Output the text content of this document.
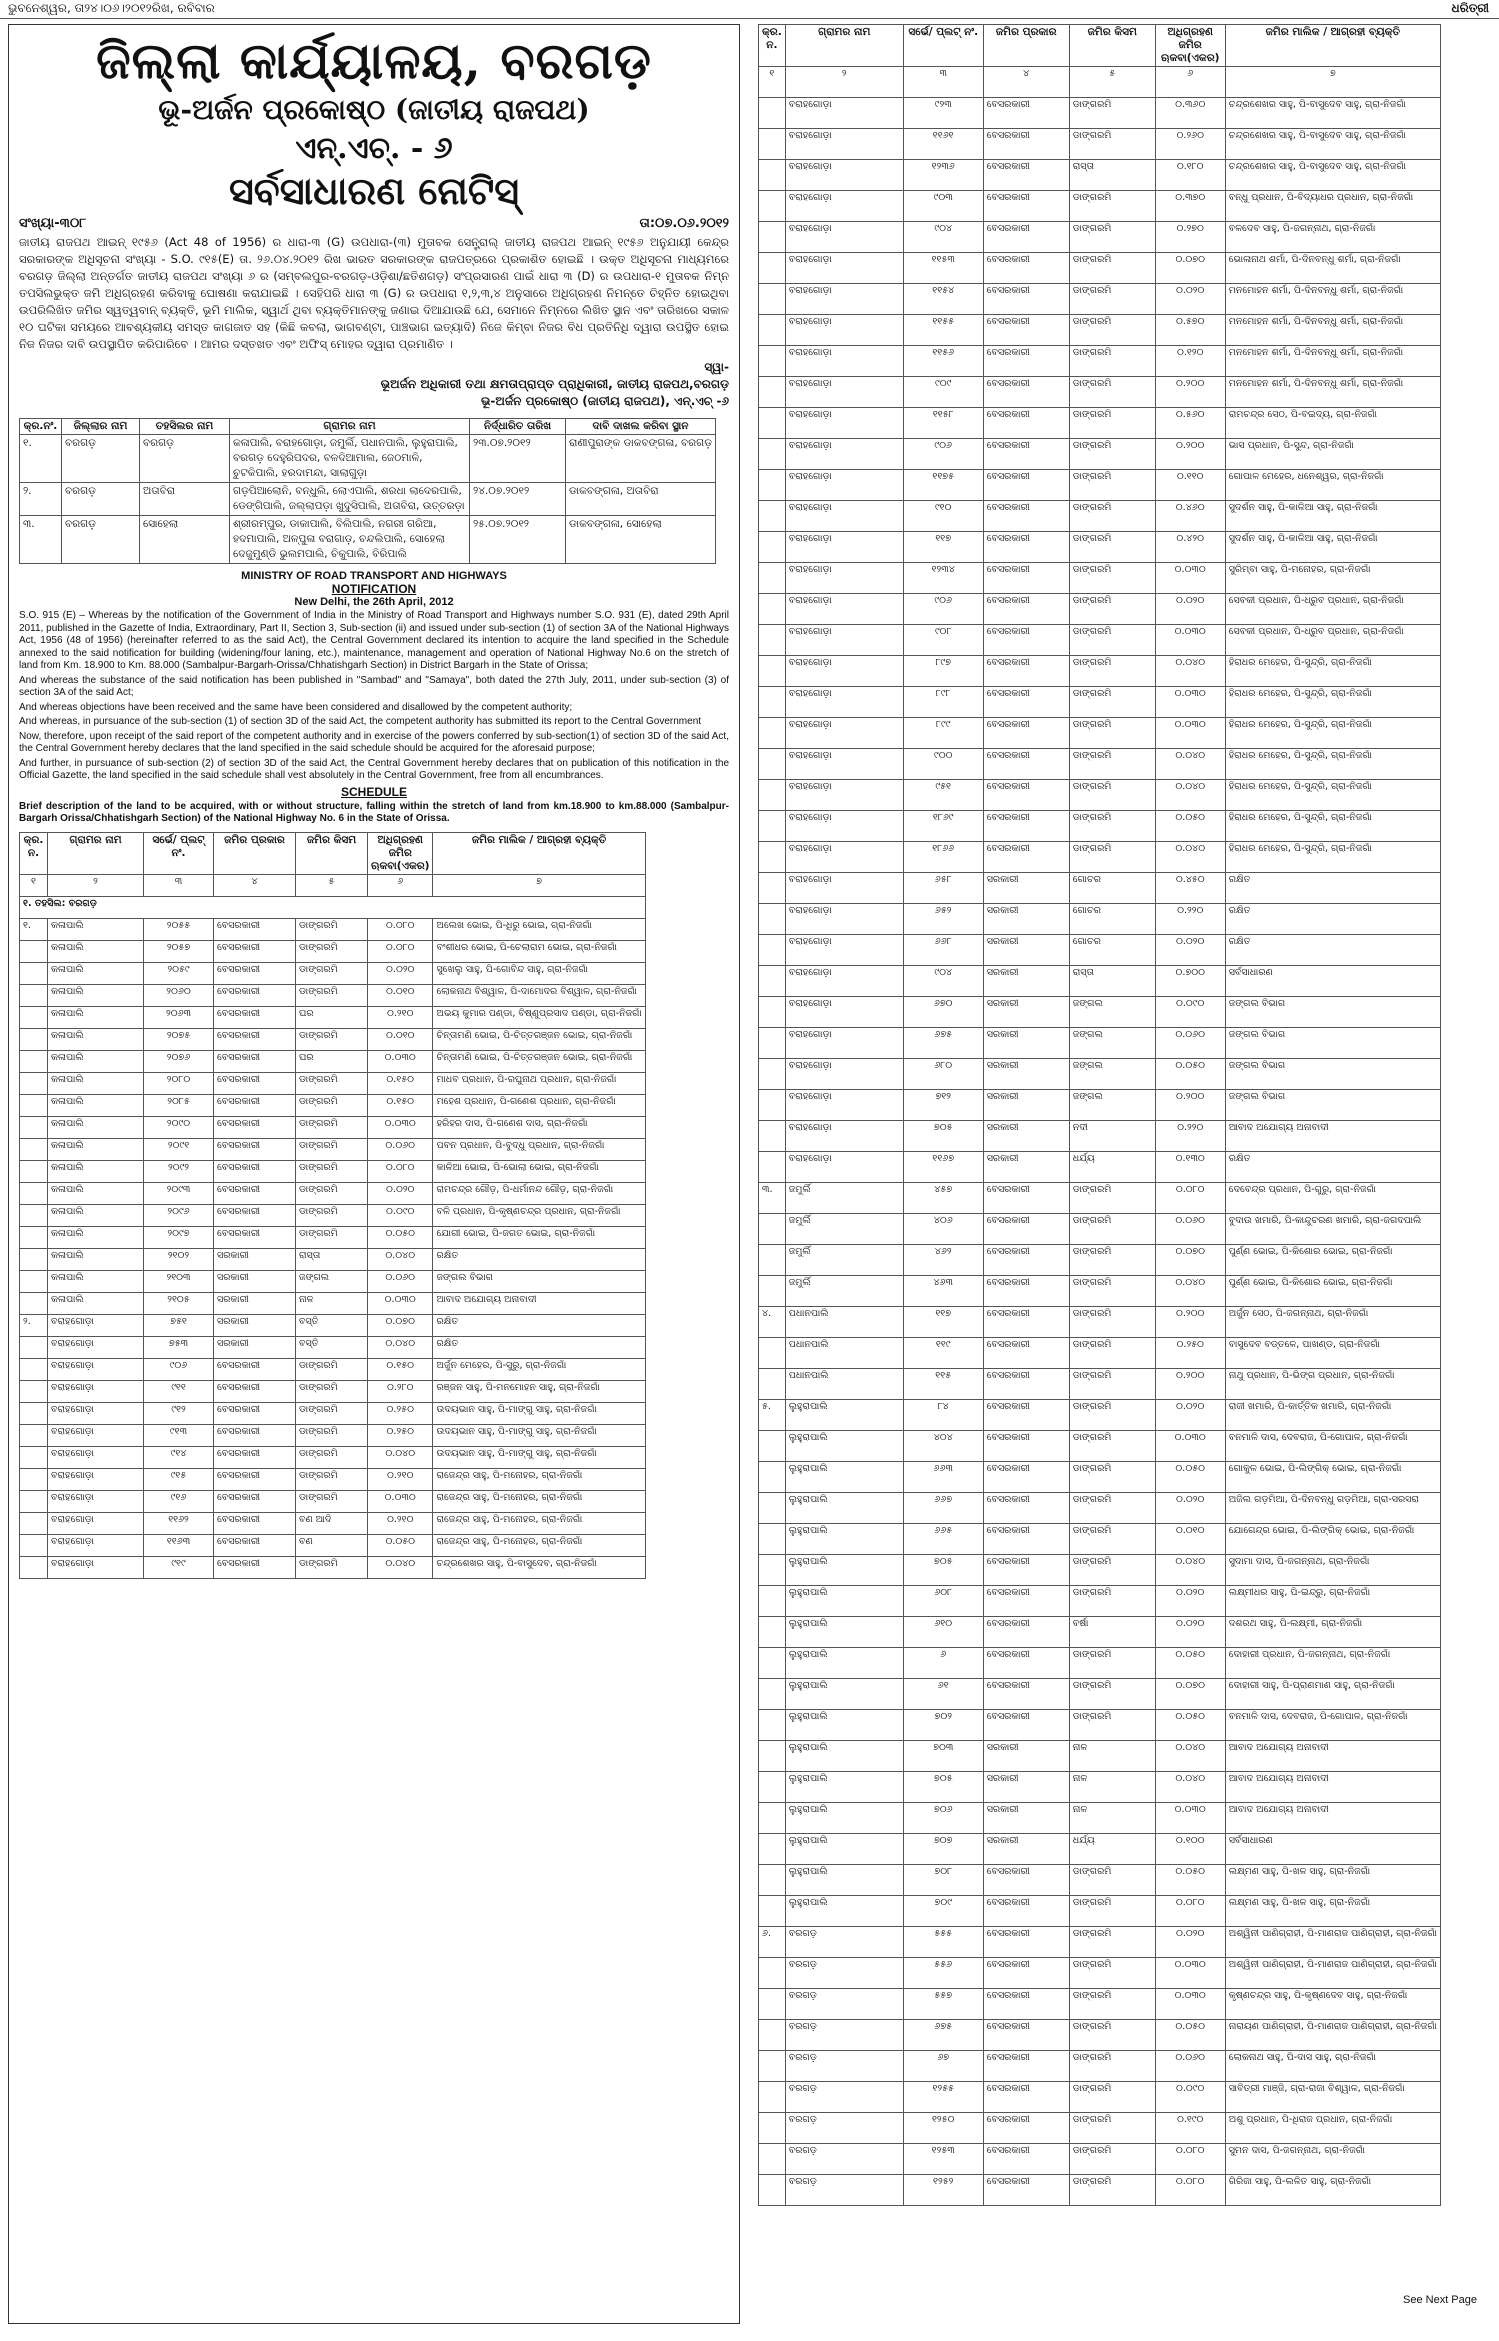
ଭୁବନେଶ୍ୱର, ତା୨୪।୦୬।୨୦୧୨ରିଖ, ରବିବାର	ଧରିତ୍ରୀ
ଜିଲ୍ଲା କାର୍ଯ୍ୟାଳୟ, ବରଗଡ଼
ଭୂ-ଅର୍ଜନ ପ୍ରକୋଷ୍ଠ (ଜାତୀୟ ରାଜପଥ)
ଏନ୍.ଏଚ୍. - ୬
ସର୍ବସାଧାରଣ ନୋଟିସ୍
ସଂଖ୍ୟା-୩୦୮	ତା:୦୭.୦୬.୨୦୧୨
ଜାତୀୟ ରାଜପଥ ଆଇନ୍ ୧୯୫୬ (Act 48 of 1956) ର ଧାରା-୩ (G) ଉପଧାରା-(୩) ମୁତାବକ ସେନ୍ଟ୍ରାଲ୍ ଜାତୀୟ ରାଜପଥ ଆଇନ୍ ୧୯୫୬ ଅନୁଯାୟୀ କେନ୍ଦ୍ର ସରକାରଙ୍କ ଅଧିସୂଚନା ସଂଖ୍ୟା - S.O. ୯୧୫(E) ତା. ୨୬.୦୪.୨୦୧୨ ରିଖ ଭାରତ ସରକାରଙ୍କ ରାଜପତ୍ରରେ ପ୍ରକାଶିତ ହୋଇଛି । ଉକ୍ତ ଅଧିସୂଚନା ମାଧ୍ୟମରେ ବରଗଡ଼ ଜିଲ୍ଲା ଅନ୍ତର୍ଗତ ଜାତୀୟ ରାଜପଥ ସଂଖ୍ୟା ୬ ର (ସମ୍ବଲପୁର-ବରଗଡ଼-ଓଡ଼ିଶା/ଛତିଶଗଡ଼) ସଂପ୍ରସାରଣ ପାଇଁ ଧାରା ୩ (D) ର ଉପଧାରା-୧ ମୁତାବକ ନିମ୍ନ ତପସିଲଭୁକ୍ତ ଜମି ଅଧିଗ୍ରହଣ କରିବାକୁ ଘୋଷଣା କରାଯାଇଛି । ସେହିପରି ଧାରା ୩ (G) ର ଉପଧାରା ୧,୨,୩,୪ ଅନୁସାରେ ଅଧିଗ୍ରହଣ ନିମନ୍ତେ ଚିହ୍ନିତ ହୋଇଥିବା ଉପରିଲିଖିତ ଜମିର ସ୍ୱତ୍ୱବାନ୍ ବ୍ୟକ୍ତି, ଭୂମି ମାଲିକ, ସ୍ୱାର୍ଥ ଥିବା ବ୍ୟକ୍ତିମାନଙ୍କୁ ଜଣାଇ ଦିଆଯାଉଛି ଯେ, ସେମାନେ ନିମ୍ନରେ ଲିଖିତ ସ୍ଥାନ ଏବଂ ତାରିଖରେ ସକାଳ ୧୦ ଘଟିକା ସମୟରେ ଆବଶ୍ୟକୀୟ ସମସ୍ତ କାଗଜାତ ସହ (କିଛି କବଲା, ଭାଗବଣ୍ଟା, ପାଞ୍ଚଭାଗ ଇତ୍ୟାଦି) ନିଜେ କିମ୍ବା ନିଜର ବିଧ ପ୍ରତିନିଧି ଦ୍ୱାରା ଉପସ୍ଥିତ ହୋଇ ନିଜ ନିଜର ଦାବି ଉପସ୍ଥାପିତ କରିପାରିବେ । ଆମର ଦସ୍ତଖତ ଏବଂ ଅଫିସ୍ ମୋହର ଦ୍ୱାରା ପ୍ରମାଣିତ ।
ସ୍ୱା-
ଭୂଅର୍ଜନ ଅଧିକାରୀ ତଥା କ୍ଷମତାପ୍ରାପ୍ତ ପ୍ରାଧିକାରୀ, ଜାତୀୟ ରାଜପଥ,ବରଗଡ଼
ଭୂ-ଅର୍ଜନ ପ୍ରକୋଷ୍ଠ (ଜାତୀୟ ରାଜପଥ), ଏନ୍.ଏଚ୍ -୬
କ୍ର.ନଂ.	ଜିଲ୍ଲାର ନାମ	ତହସିଲର ନାମ	ଗ୍ରାମର ନାମ	ନିର୍ଦ୍ଧାରିତ ତାରିଖ	ଦାବି ଦାଖଲ କରିବା ସ୍ଥାନ
୧.	ବରଗଡ଼	ବରଗଡ଼	କଳାପାଲି, ବରାହଗୋଡ଼ା, ଜମୁର୍ଲି, ପଧାନପାଲି, ଲୁହୁରାପାଲି, ବରଗଡ଼ ଦେହୁରିପଦର, ବଳଦିଆମାଲ, ଜେଠମାଳି, ଚୁଟକିପାଲି, ହରଦାମନ୍ଦା, ସାଲାଗୁଡ଼ା	୨୩.୦୭.୨୦୧୨	ରାଣୀପୁରାଙ୍କ ଡାକବଙ୍ଗଳା, ବରଗଡ଼
୨.	ବରଗଡ଼	ଅତାବିରା	ଗଡ଼ପିଆଲୋନି, ବନ୍ଧୁଲି, ଲୋଏପାଲି, ଶରଧା ଲାଦେରପାଲି, ଡେଙ୍ଗିପାଲି, ଜଲ୍ଲାପଡ଼ା ଖୁଦୁସିପାଲି, ଅତାବିରା, ଉତ୍ତରଡ଼ା	୨୪.୦୭.୨୦୧୨	ଡାକବଙ୍ଗଳା, ଅତାବିରା
୩.	ବରଗଡ଼	ସୋହେଲା	ଶ୍ରୀରମ୍ପୁର, ଡାକାପାଲି, ବିଲିପାଲି, ନଗରୀ ଗରିଆ, ହଦମାପାଲି, ଅଳ୍ପୁଳା ବରାଗାଡ଼, ଚନ୍ଦଲିପାଲି, ସୋହେଲା ଦେଜୁମୁଣ୍ଡି ଭୁଲମପାଲି, ଚିକୁପାଲି, ବିରିପାଲି	୨୫.୦୭.୨୦୧୨	ଡାକବଙ୍ଗଳା, ସୋହେଲା
MINISTRY OF ROAD TRANSPORT AND HIGHWAYS
NOTIFICATION
New Delhi, the 26th April, 2012

S.O. 915 (E) – Whereas by the notification of the Government of India in the Ministry of Road Transport and Highways number S.O. 931 (E), dated 29th April 2011, published in the Gazette of India, Extraordinary, Part II, Section 3, Sub-section (ii) and issued under sub-section (1) of section 3A of the National Highways Act, 1956 (48 of 1956) (hereinafter referred to as the said Act), the Central Government declared its intention to acquire the land specified in the Schedule annexed to the said notification for building (widening/four laning, etc.), maintenance, management and operation of National Highway No.6 on the stretch of land from Km. 18.900 to Km. 88.000 (Sambalpur-Bargarh-Orissa/Chhatishgarh Section) in District Bargarh in the State of Orissa;

And whereas the substance of the said notification has been published in "Sambad" and "Samaya", both dated the 27th July, 2011, under sub-section (3) of section 3A of the said Act;

And whereas objections have been received and the same have been considered and disallowed by the competent authority;

And whereas, in pursuance of the sub-section (1) of section 3D of the said Act, the competent authority has submitted its report to the Central Government

Now, therefore, upon receipt of the said report of the competent authority and in exercise of the powers conferred by sub-section(1) of section 3D of the said Act, the Central Government hereby declares that the land specified in the said schedule should be acquired for the aforesaid purpose;

And further, in pursuance of sub-section (2) of section 3D of the said Act, the Central Government hereby declares that on publication of this notification in the Official Gazette, the land specified in the said schedule shall vest absolutely in the Central Government, free from all encumbrances.

SCHEDULE

Brief description of the land to be acquired, with or without structure, falling within the stretch of land from km.18.900 to km.88.000 (Sambalpur-Bargarh Orissa/Chhatishgarh Section) of the National Highway No. 6 in the State of Orissa.

କ୍ର. ନ.	ଗ୍ରାମର ନାମ	ସର୍ଭେ/ ପ୍ଲଟ୍ ନଂ.	ଜମିର ପ୍ରକାର	ଜମିର କିସମ	ଅଧିଗ୍ରହଣ ଜମିର ଋକବା(ଏକର)	ଜମିର ମାଲିକ / ଆଗ୍ରହୀ ବ୍ୟକ୍ତି
୧	୨	୩	୪	୫	୬	୭
୧. ତହସିଲ: ବରଗଡ଼						
୧.	କଳାପାଲି	୨୦୫୫	ବେସରକାରୀ	ଡାଙ୍ଗରମି	୦.୦୮୦	ଅଲେଖ ଭୋଇ, ପି-ଧିରୁ ଭୋଇ, ଗ୍ରା-ନିଜଗାଁ
	କଳାପାଲି	୨୦୫୭	ବେସରକାରୀ	ଡାଙ୍ଗରମି	୦.୦୮୦	ବଂଶୀଧର ଭୋଇ, ପି-ଚେଲାରାମ ଭୋଇ, ଗ୍ରା-ନିଜଗାଁ
	କଳାପାଲି	୨୦୫୯	ବେସରକାରୀ	ଡାଙ୍ଗରମି	୦.୦୨୦	ସୁଖେଲୁ ସାହୁ, ପି-ଗୋବିନ୍ଦ ସାହୁ, ଗ୍ରା-ନିଜଗାଁ
	କଳାପାଲି	୨୦୬୦	ବେସରକାରୀ	ଡାଙ୍ଗରମି	୦.୦୧୦	ଲୋକନାଥ ବିଶ୍ୱାଳ, ପି-ଦାମୋଦର ବିଶ୍ୱାଳ, ଗ୍ରା-ନିଜଗାଁ
	କଳାପାଲି	୨୦୬୩	ବେସରକାରୀ	ଘର	୦.୨୧୦	ଅଭୟ କୁମାର ପଣ୍ଡା, ବିଷ୍ଣୁପ୍ରସାଦ ପଣ୍ଡା, ଗ୍ରା-ନିଜଗାଁ
	କଳାପାଲି	୨୦୭୫	ବେସରକାରୀ	ଡାଙ୍ଗରମି	୦.୦୧୦	ଚିନ୍ତାମଣି ଭୋଇ, ପି-ଚିତ୍ତରଞ୍ଜନ ଭୋଇ, ଗ୍ରା-ନିଜଗାଁ
	କଳାପାଲି	୨୦୭୬	ବେସରକାରୀ	ଘର	୦.୦୩୦	ଚିନ୍ତାମଣି ଭୋଇ, ପି-ଚିତ୍ତରଞ୍ଜନ ଭୋଇ, ଗ୍ରା-ନିଜଗାଁ
	କଳାପାଲି	୨୦୮୦	ବେସରକାରୀ	ଡାଙ୍ଗରମି	୦.୧୫୦	ମାଧବ ପ୍ରଧାନ, ପି-ରଘୁନାଥ ପ୍ରଧାନ, ଗ୍ରା-ନିଜଗାଁ
	କଳାପାଲି	୨୦୮୫	ବେସରକାରୀ	ଡାଙ୍ଗରମି	୦.୧୫୦	ମହେଶ ପ୍ରଧାନ, ପି-ଗଣେଶ ପ୍ରଧାନ, ଗ୍ରା-ନିଜଗାଁ
	କଳାପାଲି	୨୦୯୦	ବେସରକାରୀ	ଡାଙ୍ଗରମି	୦.୦୩୦	ହରିହର ଦାସ, ପି-ଗଣେଶ ଦାସ, ଗ୍ରା-ନିଜଗାଁ
	କଳାପାଲି	୨୦୯୧	ବେସରକାରୀ	ଡାଙ୍ଗରମି	୦.୦୬୦	ପବନ ପ୍ରଧାନ, ପି-ବୁଦ୍ଧୁ ପ୍ରଧାନ, ଗ୍ରା-ନିଜଗାଁ
	କଳାପାଲି	୨୦୯୨	ବେସରକାରୀ	ଡାଙ୍ଗରମି	୦.୦୮୦	କାଳିଆ ଭୋଇ, ପି-ଭୋଲା ଭୋଇ, ଗ୍ରା-ନିଜଗାଁ
	କଳାପାଲି	୨୦୯୩	ବେସରକାରୀ	ଡାଙ୍ଗରମି	୦.୦୨୦	ରାମଚନ୍ଦ୍ର ଗୌଡ଼, ପି-ଧର୍ମାନନ୍ଦ ଗୌଡ଼, ଗ୍ରା-ନିଜଗାଁ
	କଳାପାଲି	୨୦୯୬	ବେସରକାରୀ	ଡାଙ୍ଗରମି	୦.୦୯୦	ବଳି ପ୍ରଧାନ, ପି-କୃଷ୍ଣଚନ୍ଦ୍ର ପ୍ରଧାନ, ଗ୍ରା-ନିଜଗାଁ
	କଳାପାଲି	୨୦୯୭	ବେସରକାରୀ	ଡାଙ୍ଗରମି	୦.୦୫୦	ଯୋଗୀ ଭୋଇ, ପି-ଜଗତ ଭୋଇ, ଗ୍ରା-ନିଜଗାଁ
	କଳାପାଲି	୨୧୦୨	ସରକାରୀ	ରାସ୍ତା	୦.୦୪୦	ରକ୍ଷିତ
	କଳାପାଲି	୨୧୦୩	ସରକାରୀ	ଜଙ୍ଗଲ	୦.୦୬୦	ଜଙ୍ଗଲ ବିଭାଗ
	କଳାପାଲି	୨୧୦୫	ସରକାରୀ	ନାଳ	୦.୦୩୦	ଆବାଦ ଅଯୋଗ୍ୟ ଅନାବାଦୀ
୨.	ବରାହଗୋଡ଼ା	୭୫୧	ସରକାରୀ	ବସ୍ତି	୦.୦୭୦	ରକ୍ଷିତ
	ବରାହଗୋଡ଼ା	୭୫୩	ସରକାରୀ	ବସ୍ତି	୦.୦୪୦	ରକ୍ଷିତ
	ବରାହଗୋଡ଼ା	୯୦୬	ବେସରକାରୀ	ଡାଙ୍ଗରମି	୦.୧୫୦	ଅର୍ଜୁନ ମେହେର, ପି-ସୁରୁ, ଗ୍ରା-ନିଜଗାଁ
	ବରାହଗୋଡ଼ା	୯୧୧	ବେସରକାରୀ	ଡାଙ୍ଗରମି	୦.୨୮୦	ରଞ୍ଜନ ସାହୁ, ପି-ମନମୋହନ ସାହୁ, ଗ୍ରା-ନିଜଗାଁ
	ବରାହଗୋଡ଼ା	୯୧୨	ବେସରକାରୀ	ଡାଙ୍ଗରମି	୦.୨୫୦	ଉଦୟଭାନ ସାହୁ, ପି-ମାଙ୍ଗୁ ସାହୁ, ଗ୍ରା-ନିଜଗାଁ
	ବରାହଗୋଡ଼ା	୯୧୩	ବେସରକାରୀ	ଡାଙ୍ଗରମି	୦.୨୫୦	ଉଦୟଭାନ ସାହୁ, ପି-ମାଙ୍ଗୁ ସାହୁ, ଗ୍ରା-ନିଜଗାଁ
	ବରାହଗୋଡ଼ା	୯୧୪	ବେସରକାରୀ	ଡାଙ୍ଗରମି	୦.୦୪୦	ଉଦୟଭାନ ସାହୁ, ପି-ମାଙ୍ଗୁ ସାହୁ, ଗ୍ରା-ନିଜଗାଁ
	ବରାହଗୋଡ଼ା	୯୧୫	ବେସରକାରୀ	ଡାଙ୍ଗରମି	୦.୨୧୦	ରାଜେନ୍ଦ୍ର ସାହୁ, ପି-ମନୋହର, ଗ୍ରା-ନିଜଗାଁ
	ବରାହଗୋଡ଼ା	୯୧୬	ବେସରକାରୀ	ଡାଙ୍ଗରମି	୦.୦୩୦	ରାଜେନ୍ଦ୍ର ସାହୁ, ପି-ମନୋହର, ଗ୍ରା-ନିଜଗାଁ
	ବରାହଗୋଡ଼ା	୧୧୬୨	ବେସରକାରୀ	ବଣ ଆଦି	୦.୨୧୦	ରାଜେନ୍ଦ୍ର ସାହୁ, ପି-ମନୋହର, ଗ୍ରା-ନିଜଗାଁ
	ବରାହଗୋଡ଼ା	୧୧୬୩	ବେସରକାରୀ	ବଣ	୦.୦୫୦	ରାଜେନ୍ଦ୍ର ସାହୁ, ପି-ମନୋହର, ଗ୍ରା-ନିଜଗାଁ
	ବରାହଗୋଡ଼ା	୯୧୯	ବେସରକାରୀ	ଡାଙ୍ଗରମି	୦.୦୪୦	ଚନ୍ଦ୍ରଶେଖର ସାହୁ, ପି-ବାସୁଦେବ, ଗ୍ରା-ନିଜଗାଁ
କ୍ର. ନ.	ଗ୍ରାମର ନାମ	ସର୍ଭେ/ ପ୍ଲଟ୍ ନଂ.	ଜମିର ପ୍ରକାର	ଜମିର କିସମ	ଅଧିଗ୍ରହଣ ଜମିର ଋକବା(ଏକର)	ଜମିର ମାଲିକ / ଆଗ୍ରହୀ ବ୍ୟକ୍ତି
୧	୨	୩	୪	୫	୬	୭
	ବରାହଗୋଡ଼ା	୯୨୩	ବେସରକାରୀ	ଡାଙ୍ଗରମି	୦.୩୬୦	ଚନ୍ଦ୍ରଶେଖର ସାହୁ, ପି-ବାସୁଦେବ ସାହୁ, ଗ୍ରା-ନିଜଗାଁ
	ବରାହଗୋଡ଼ା	୧୧୬୧	ବେସରକାରୀ	ଡାଙ୍ଗରମି	୦.୨୬୦	ଚନ୍ଦ୍ରଶେଖର ସାହୁ, ପି-ବାସୁଦେବ ସାହୁ, ଗ୍ରା-ନିଜଗାଁ
	ବରାହଗୋଡ଼ା	୧୨୩୬	ବେସରକାରୀ	ରାସ୍ତା	୦.୧୮୦	ଚନ୍ଦ୍ରଶେଖର ସାହୁ, ପି-ବାସୁଦେବ ସାହୁ, ଗ୍ରା-ନିଜଗାଁ
	ବରାହଗୋଡ଼ା	୯୦୩	ବେସରକାରୀ	ଡାଙ୍ଗରମି	୦.୩୭୦	ବନ୍ଧୁ ପ୍ରଧାନ, ପି-ବିଦ୍ୟାଧର ପ୍ରଧାନ, ଗ୍ରା-ନିଜଗାଁ
	ବରାହଗୋଡ଼ା	୯୦୪	ବେସରକାରୀ	ଡାଙ୍ଗରମି	୦.୨୭୦	ବଳଦେବ ସାହୁ, ପି-ଜଗନ୍ନାଥ, ଗ୍ରା-ନିଜଗାଁ
	ବରାହଗୋଡ଼ା	୧୧୫୩	ବେସରକାରୀ	ଡାଙ୍ଗରମି	୦.୦୭୦	ଭୋଳାନାଥ ଶର୍ମା, ପି-ଦିନବନ୍ଧୁ ଶର୍ମା, ଗ୍ରା-ନିଜଗାଁ
	ବରାହଗୋଡ଼ା	୧୧୫୪	ବେସରକାରୀ	ଡାଙ୍ଗରମି	୦.୦୨୦	ମନମୋହନ ଶର୍ମା, ପି-ଦିନବନ୍ଧୁ ଶର୍ମା, ଗ୍ରା-ନିଜଗାଁ
	ବରାହଗୋଡ଼ା	୧୧୫୫	ବେସରକାରୀ	ଡାଙ୍ଗରମି	୦.୫୭୦	ମନମୋହନ ଶର୍ମା, ପି-ଦିନବନ୍ଧୁ ଶର୍ମା, ଗ୍ରା-ନିଜଗାଁ
	ବରାହଗୋଡ଼ା	୧୧୫୬	ବେସରକାରୀ	ଡାଙ୍ଗରମି	୦.୧୨୦	ମନମୋହନ ଶର୍ମା, ପି-ଦିନବନ୍ଧୁ ଶର୍ମା, ଗ୍ରା-ନିଜଗାଁ
	ବରାହଗୋଡ଼ା	୯୦୯	ବେସରକାରୀ	ଡାଙ୍ଗରମି	୦.୨୦୦	ମନମୋହନ ଶର୍ମା, ପି-ଦିନବନ୍ଧୁ ଶର୍ମା, ଗ୍ରା-ନିଜଗାଁ
	ବରାହଗୋଡ଼ା	୧୧୫୮	ବେସରକାରୀ	ଡାଙ୍ଗରମି	୦.୫୬୦	ରାମଚନ୍ଦ୍ର ସେଠ, ପି-ବଇଦ୍ୟ, ଗ୍ରା-ନିଜଗାଁ
	ବରାହଗୋଡ଼ା	୯୦୬	ବେସରକାରୀ	ଡାଙ୍ଗରମି	୦.୨୦୦	ଭାସ ପ୍ରଧାନ, ପି-ସୁନ୍ଦ, ଗ୍ରା-ନିଜଗାଁ
	ବରାହଗୋଡ଼ା	୧୧୭୫	ବେସରକାରୀ	ଡାଙ୍ଗରମି	୦.୧୧୦	ଗୋପାଳ ମେହେର, ଧନେଶ୍ୱର, ଗ୍ରା-ନିଜଗାଁ
	ବରାହଗୋଡ଼ା	୯୧୦	ବେସରକାରୀ	ଡାଙ୍ଗରମି	୦.୪୬୦	ସୁଦର୍ଶନ ସାହୁ, ପି-କାଳିଆ ସାହୁ, ଗ୍ରା-ନିଜଗାଁ
	ବରାହଗୋଡ଼ା	୧୧୭	ବେସରକାରୀ	ଡାଙ୍ଗରମି	୦.୪୨୦	ସୁଦର୍ଶନ ସାହୁ, ପି-କାଳିଆ ସାହୁ, ଗ୍ରା-ନିଜଗାଁ
	ବରାହଗୋଡ଼ା	୧୨୩୪	ବେସରକାରୀ	ଡାଙ୍ଗରମି	୦.୦୩୦	ସୁରିମ୍ବା ସାହୁ, ପି-ମନୋହର, ଗ୍ରା-ନିଜଗାଁ
	ବରାହଗୋଡ଼ା	୯୦୬	ବେସରକାରୀ	ଡାଙ୍ଗରମି	୦.୦୨୦	ସେବକୀ ପ୍ରଧାନ, ପି-ଧ୍ରୁବ ପ୍ରଧାନ, ଗ୍ରା-ନିଜଗାଁ
	ବରାହଗୋଡ଼ା	୯୦୮	ବେସରକାରୀ	ଡାଙ୍ଗରମି	୦.୦୩୦	ସେବକୀ ପ୍ରଧାନ, ପି-ଧ୍ରୁବ ପ୍ରଧାନ, ଗ୍ରା-ନିଜଗାଁ
	ବରାହଗୋଡ଼ା	୮୯୭	ବେସରକାରୀ	ଡାଙ୍ଗରମି	୦.୦୪୦	ହିରାଧର ମେହେର, ପି-ସୁନ୍ଦ୍ରି, ଗ୍ରା-ନିଜଗାଁ
	ବରାହଗୋଡ଼ା	୮୯୮	ବେସରକାରୀ	ଡାଙ୍ଗରମି	୦.୦୩୦	ହିରାଧର ମେହେର, ପି-ସୁନ୍ଦ୍ରି, ଗ୍ରା-ନିଜଗାଁ
	ବରାହଗୋଡ଼ା	୮୯୯	ବେସରକାରୀ	ଡାଙ୍ଗରମି	୦.୦୩୦	ହିରାଧର ମେହେର, ପି-ସୁନ୍ଦ୍ରି, ଗ୍ରା-ନିଜଗାଁ
	ବରାହଗୋଡ଼ା	୯୦୦	ବେସରକାରୀ	ଡାଙ୍ଗରମି	୦.୦୪୦	ହିରାଧର ମେହେର, ପି-ସୁନ୍ଦ୍ରି, ଗ୍ରା-ନିଜଗାଁ
	ବରାହଗୋଡ଼ା	୯୫୧	ବେସରକାରୀ	ଡାଙ୍ଗରମି	୦.୦୪୦	ହିରାଧର ମେହେର, ପି-ସୁନ୍ଦ୍ରି, ଗ୍ରା-ନିଜଗାଁ
	ବରାହଗୋଡ଼ା	୧୮୬୯	ବେସରକାରୀ	ଡାଙ୍ଗରମି	୦.୦୫୦	ହିରାଧର ମେହେର, ପି-ସୁନ୍ଦ୍ରି, ଗ୍ରା-ନିଜଗାଁ
	ବରାହଗୋଡ଼ା	୧୮୬୬	ବେସରକାରୀ	ଡାଙ୍ଗରମି	୦.୦୪୦	ହିରାଧର ମେହେର, ପି-ସୁନ୍ଦ୍ରି, ଗ୍ରା-ନିଜଗାଁ
	ବରାହଗୋଡ଼ା	୬୫୮	ସରକାରୀ	ଗୋଚର	୦.୪୫୦	ରକ୍ଷିତ
	ବରାହଗୋଡ଼ା	୬୫୨	ସରକାରୀ	ଗୋଚର	୦.୨୨୦	ରକ୍ଷିତ
	ବରାହଗୋଡ଼ା	୬୬୮	ସରକାରୀ	ଗୋଚର	୦.୦୨୦	ରକ୍ଷିତ
	ବରାହଗୋଡ଼ା	୯୦୪	ସରକାରୀ	ରାସ୍ତା	୦.୭୦୦	ସର୍ବସାଧାରଣ
	ବରାହଗୋଡ଼ା	୬୭୦	ସରକାରୀ	ଜଙ୍ଗଲ	୦.୦୯୦	ଜଙ୍ଗଲ ବିଭାଗ
	ବରାହଗୋଡ଼ା	୬୭୫	ସରକାରୀ	ଜଙ୍ଗଲ	୦.୦୬୦	ଜଙ୍ଗଲ ବିଭାଗ
	ବରାହଗୋଡ଼ା	୬୮୦	ସରକାରୀ	ଜଙ୍ଗଲ	୦.୦୫୦	ଜଙ୍ଗଲ ବିଭାଗ
	ବରାହଗୋଡ଼ା	୭୧୨	ସରକାରୀ	ଜଙ୍ଗଲ	୦.୨୦୦	ଜଙ୍ଗଲ ବିଭାଗ
	ବରାହଗୋଡ଼ା	୭୦୫	ସରକାରୀ	ନଦୀ	୦.୨୨୦	ଆବାଦ ଅଯୋଗ୍ୟ ଅନାବାଦୀ
	ବରାହଗୋଡ଼ା	୧୧୬୭	ସରକାରୀ	ଧର୍ଯ୍ୟ	୦.୧୩୦	ରକ୍ଷିତ
୩.	ଜମୁର୍ଲି	୪୫୭	ବେସରକାରୀ	ଡାଙ୍ଗରମି	୦.୦୮୦	ଦେବେନ୍ଦ୍ର ପ୍ରଧାନ, ପି-ଗୁରୁ, ଗ୍ରା-ନିଜଗାଁ
	ଜମୁର୍ଲି	୪୦୬	ବେସରକାରୀ	ଡାଙ୍ଗରମି	୦.୦୬୦	ବୁଦାଉ ଖମାରି, ପି-କାନ୍ଦୁଚରଣ ଖମାରି, ଗ୍ରା-ଜଗଦପାଲି
	ଜମୁର୍ଲି	୪୬୨	ବେସରକାରୀ	ଡାଙ୍ଗରମି	୦.୦୭୦	ପୁର୍ଣ୍ଣ ଭୋଇ, ପି-କିଶୋର ଭୋଇ, ଗ୍ରା-ନିଜଗାଁ
	ଜମୁର୍ଲି	୪୬୩	ବେସରକାରୀ	ଡାଙ୍ଗରମି	୦.୦୪୦	ପୁର୍ଣ୍ଣ ଭୋଇ, ପି-କିଶୋର ଭୋଇ, ଗ୍ରା-ନିଜଗାଁ
୪.	ପଧାନପାଲି	୧୧୭	ବେସରକାରୀ	ଡାଙ୍ଗରମି	୦.୨୦୦	ଅର୍ଜୁନ ସେଠ, ପି-ଜଗନ୍ନାଥ, ଗ୍ରା-ନିଜଗାଁ
	ପଧାନପାଲି	୧୧୯	ବେସରକାରୀ	ଡାଙ୍ଗରମି	୦.୨୫୦	ବାସୁଦେବ ବଡ୍ତଳେ, ପାଖଣ୍ଡ, ଗ୍ରା-ନିଜଗାଁ
	ପଧାନପାଲି	୧୧୫	ବେସରକାରୀ	ଡାଙ୍ଗରମି	୦.୨୦୦	ନାଥୁ ପ୍ରଧାନ, ପି-ଭିଙ୍ଗ ପ୍ରଧାନ, ଗ୍ରା-ନିଜଗାଁ
୫.	ଲୁହୁରାପାଲି	୮୪	ବେସରକାରୀ	ଡାଙ୍ଗରମି	୦.୦୨୦	ରାଜୀ ଖମାରି, ପି-କାର୍ତ୍ତିକ ଖମାରି, ଗ୍ରା-ନିଜଗାଁ
	ଲୁହୁରାପାଲି	୪୦୪	ବେସରକାରୀ	ଡାଙ୍ଗରମି	୦.୦୩୦	ବନମାଳି ଦାସ, ଦେବରାଜ, ପି-ଗୋପାଳ, ଗ୍ରା-ନିଜଗାଁ
	ଲୁହୁରାପାଲି	୬୬୩	ବେସରକାରୀ	ଡାଙ୍ଗରମି	୦.୦୫୦	ଗୋକୁଳ ଭୋଇ, ପି-ଲିଙ୍ଗିକ୍ ଭୋଇ, ଗ୍ରା-ନିଜଗାଁ
	ଲୁହୁରାପାଲି	୬୬୭	ବେସରକାରୀ	ଡାଙ୍ଗରମି	୦.୦୨୦	ଅଜିଲ ଗଡ଼ମିଆ, ପି-ଦିନବନ୍ଧୁ ଗଡ଼ମିଆ, ଗ୍ରା-ସରସରା
	ଲୁହୁରାପାଲି	୬୬୫	ବେସରକାରୀ	ଡାଙ୍ଗରମି	୦.୦୧୦	ଯୋଗେନ୍ଦ୍ର ଭୋଇ, ପି-ଲିଙ୍ଗିକ୍ ଭୋଇ, ଗ୍ରା-ନିଜଗାଁ
	ଲୁହୁରାପାଲି	୭୦୫	ବେସରକାରୀ	ଡାଙ୍ଗରମି	୦.୦୪୦	ସୁଦାମା ଦାସ, ପି-ଜଗନ୍ନାଥ, ଗ୍ରା-ନିଜଗାଁ
	ଲୁହୁରାପାଲି	୬୦୮	ବେସରକାରୀ	ଡାଙ୍ଗରମି	୦.୦୨୦	ଲକ୍ଷ୍ମୀଧର ସାହୁ, ପି-ଇନ୍ଦ୍ରୁ, ଗ୍ରା-ନିଜଗାଁ
	ଲୁହୁରାପାଲି	୬୧୦	ବେସରକାରୀ	ବର୍ଷା	୦.୦୨୦	ଦଶରଥ ସାହୁ, ପି-ଲକ୍ଷ୍ମୀ, ଗ୍ରା-ନିଜଗାଁ
	ଲୁହୁରାପାଲି	୬	ବେସରକାରୀ	ଡାଙ୍ଗରମି	୦.୦୫୦	ଦୋହାରୀ ପ୍ରଧାନ, ପି-ଜଗନ୍ନାଥ, ଗ୍ରା-ନିଜଗାଁ
	ଲୁହୁରାପାଲି	୬୧	ବେସରକାରୀ	ଡାଙ୍ଗରମି	୦.୦୭୦	ଦୋହାରୀ ସାହୁ, ପି-ପ୍ରାଣମାଣ ସାହୁ, ଗ୍ରା-ନିଜଗାଁ
	ଲୁହୁରାପାଲି	୭୦୨	ବେସରକାରୀ	ଡାଙ୍ଗରମି	୦.୦୫୦	ବନମାଳି ଦାସ, ଦେବରାଜ, ପି-ଗୋପାଳ, ଗ୍ରା-ନିଜଗାଁ
	ଲୁହୁରାପାଲି	୭୦୩	ସରକାରୀ	ନାଳ	୦.୦୪୦	ଆବାଦ ଅଯୋଗ୍ୟ ଅନାବାଦୀ
	ଲୁହୁରାପାଲି	୭୦୫	ସରକାରୀ	ନାଳ	୦.୦୪୦	ଆବାଦ ଅଯୋଗ୍ୟ ଅନାବାଦୀ
	ଲୁହୁରାପାଲି	୭୦୬	ସରକାରୀ	ନାଳ	୦.୦୩୦	ଆବାଦ ଅଯୋଗ୍ୟ ଅନାବାଦୀ
	ଲୁହୁରାପାଲି	୭୦୭	ସରକାରୀ	ଧର୍ଯ୍ୟ	୦.୧୦୦	ସର୍ବସାଧାରଣ
	ଲୁହୁରାପାଲି	୭୦୮	ବେସରକାରୀ	ଡାଙ୍ଗରମି	୦.୦୫୦	ଲକ୍ଷ୍ମଣ ସାହୁ, ପି-ଖଳ ସାହୁ, ଗ୍ରା-ନିଜଗାଁ
	ଲୁହୁରାପାଲି	୭୦୯	ବେସରକାରୀ	ଡାଙ୍ଗରମି	୦.୦୮୦	ଲକ୍ଷ୍ମଣ ସାହୁ, ପି-ଖଳ ସାହୁ, ଗ୍ରା-ନିଜଗାଁ
୬.	ବରଗଡ଼	୫୫୫	ବେସରକାରୀ	ଡାଙ୍ଗରମି	୦.୦୨୦	ଅଶ୍ୱିନୀ ପାଣିଗ୍ରାହୀ, ପି-ମାଣରାଜ ପାଣିଗ୍ରାହୀ, ଗ୍ରା-ନିଜଗାଁ
	ବରଗଡ଼	୫୫୬	ବେସରକାରୀ	ଡାଙ୍ଗରମି	୦.୦୩୦	ଅଶ୍ୱିନୀ ପାଣିଗ୍ରାହୀ, ପି-ମାଣରାଜ ପାଣିଗ୍ରାହୀ, ଗ୍ରା-ନିଜଗାଁ
	ବରଗଡ଼	୫୫୭	ବେସରକାରୀ	ଡାଙ୍ଗରମି	୦.୦୩୦	କୃଷ୍ଣଚନ୍ଦ୍ର ସାହୁ, ପି-କୃଷ୍ଣଦେବ ସାହୁ, ଗ୍ରା-ନିଜଗାଁ
	ବରଗଡ଼	୬୭୫	ବେସରକାରୀ	ଡାଙ୍ଗରମି	୦.୦୫୦	ନାରାୟଣ ପାଣିଗ୍ରାହୀ, ପି-ମାଣରାଜ ପାଣିଗ୍ରାହୀ, ଗ୍ରା-ନିଜଗାଁ
	ବରଗଡ଼	୬୭	ବେସରକାରୀ	ଡାଙ୍ଗରମି	୦.୦୬୦	ଲୋକନାଥ ସାହୁ, ପି-ଦାସ ସାହୁ, ଗ୍ରା-ନିଜଗାଁ
	ବରଗଡ଼	୧୨୫୫	ବେସରକାରୀ	ଡାଙ୍ଗରମି	୦.୦୯୦	ସାବିତ୍ରୀ ମାଞ୍ଜି, ଗ୍ରା-ରାଜା ବିଶ୍ୱାଳ, ଗ୍ରା-ନିଜଗାଁ
	ବରଗଡ଼	୧୨୫୦	ବେସରକାରୀ	ଡାଙ୍ଗରମି	୦.୧୯୦	ଅଶୁ ପ୍ରଧାନ, ପି-ଧିରାଜ ପ୍ରଧାନ, ଗ୍ରା-ନିଜଗାଁ
	ବରଗଡ଼	୧୨୫୩	ବେସରକାରୀ	ଡାଙ୍ଗରମି	୦.୦୮୦	ସୁମନ ଦାସ, ପି-ଜଗନ୍ନାଥ, ଗ୍ରା-ନିଜଗାଁ
	ବରଗଡ଼	୧୨୫୨	ବେସରକାରୀ	ଡାଙ୍ଗରମି	୦.୦୮୦	ଗିରିଜା ସାହୁ, ପି-ଲଳିତ ସାହୁ, ଗ୍ରା-ନିଜଗାଁ
See Next Page
